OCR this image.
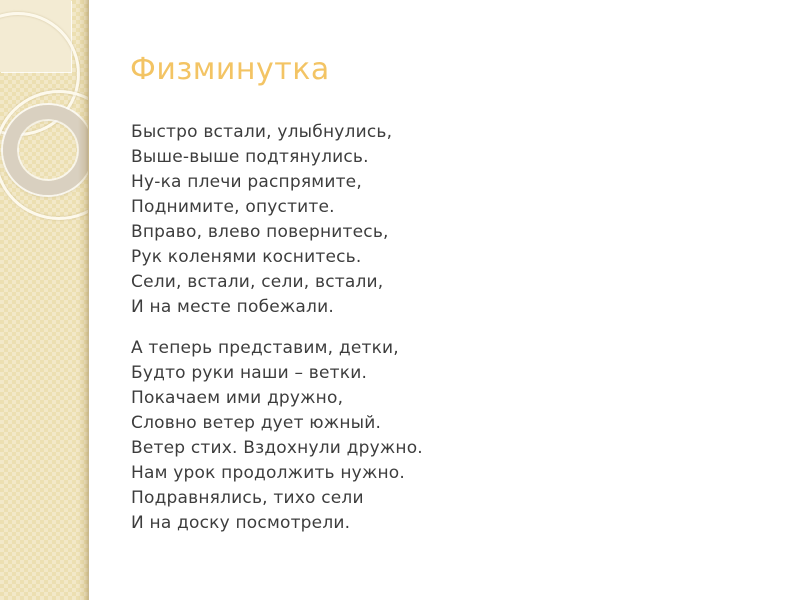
Физминутка
Быстро встали, улыбнулись,
Выше-выше подтянулись.
Ну-ка плечи распрямите,
Поднимите, опустите.
Вправо, влево повернитесь,
Рук коленями коснитесь.
Сели, встали, сели, встали,
И на месте побежали.
А теперь представим, детки,
Будто руки наши – ветки.
Покачаем ими дружно,
Словно ветер дует южный.
Ветер стих. Вздохнули дружно.
Нам урок продолжить нужно.
Подравнялись, тихо сели
И на доску посмотрели.
